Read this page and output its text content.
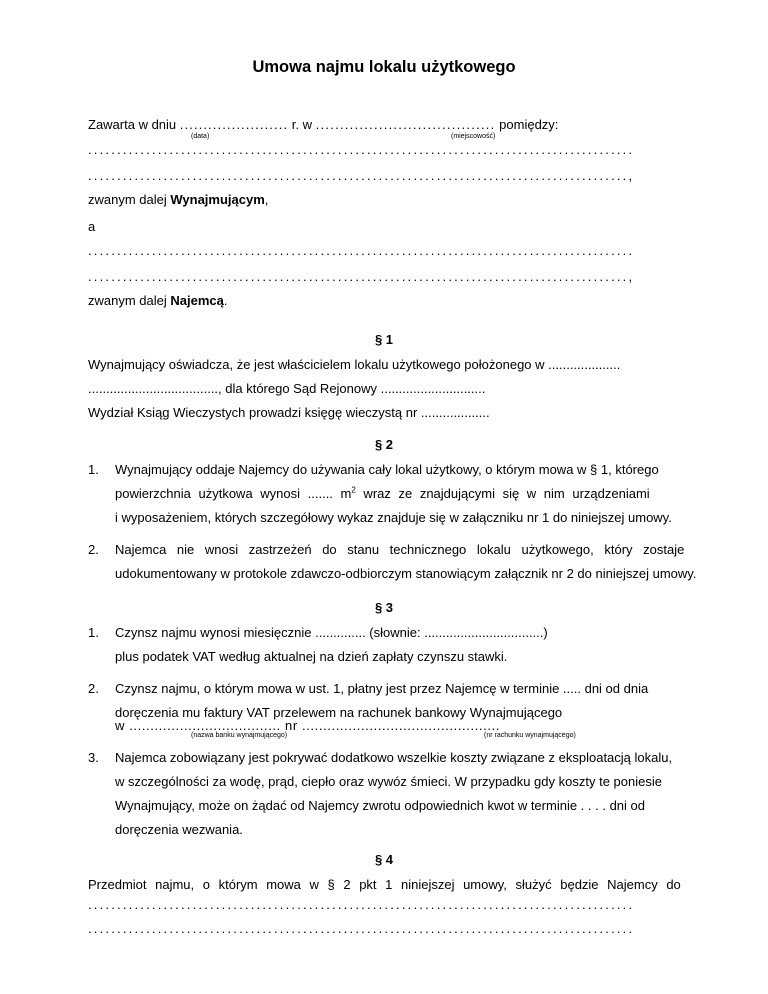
Umowa najmu lokalu użytkowego
Zawarta w dniu ....................... r. w ..................................... pomiędzy:
(data)	(miejscowość)
..............................................................................................
.............................................................................................,
zwanym dalej Wynajmującym,
a
..............................................................................................
.............................................................................................,
zwanym dalej Najemcą.
§ 1
Wynajmujący oświadcza, że jest właścicielem lokalu użytkowego położonego w ....................
...................................., dla którego Sąd Rejonowy .............................
Wydział Ksiąg Wieczystych prowadzi księgę wieczystą nr ...................
§ 2
1. Wynajmujący oddaje Najemcy do używania cały lokal użytkowy, o którym mowa w § 1, którego
powierzchnia użytkowa wynosi ....... $m^2$ wraz ze znajdującymi się w nim urządzeniami
i wyposażeniem, których szczegółowy wykaz znajduje się w załączniku nr 1 do niniejszej umowy.
2. Najemca nie wnosi zastrzeżeń do stanu technicznego lokalu użytkowego, który zostaje
udokumentowany w protokole zdawczo-odbiorczym stanowiącym załącznik nr 2 do niniejszej umowy.
§ 3
1. Czynsz najmu wynosi miesięcznie .............. (słownie: .................................)
plus podatek VAT według aktualnej na dzień zapłaty czynszu stawki.
2. Czynsz najmu, o którym mowa w ust. 1, płatny jest przez Najemcę w terminie ..... dni od dnia
doręczenia mu faktury VAT przelewem na rachunek bankowy Wynajmującego
w .................................... nr ...............................................
(nazwa banku wynajmującego)	(nr rachunku wynajmującego)
3. Najemca zobowiązany jest pokrywać dodatkowo wszelkie koszty związane z eksploatacją lokalu,
w szczególności za wodę, prąd, ciepło oraz wywóz śmieci. W przypadku gdy koszty te poniesie
Wynajmujący, może on żądać od Najemcy zwrotu odpowiednich kwot w terminie . . . . dni od
doręczenia wezwania.
§ 4
Przedmiot najmu, o którym mowa w § 2 pkt 1 niniejszej umowy, służyć będzie Najemcy do
..............................................................................................
..............................................................................................
